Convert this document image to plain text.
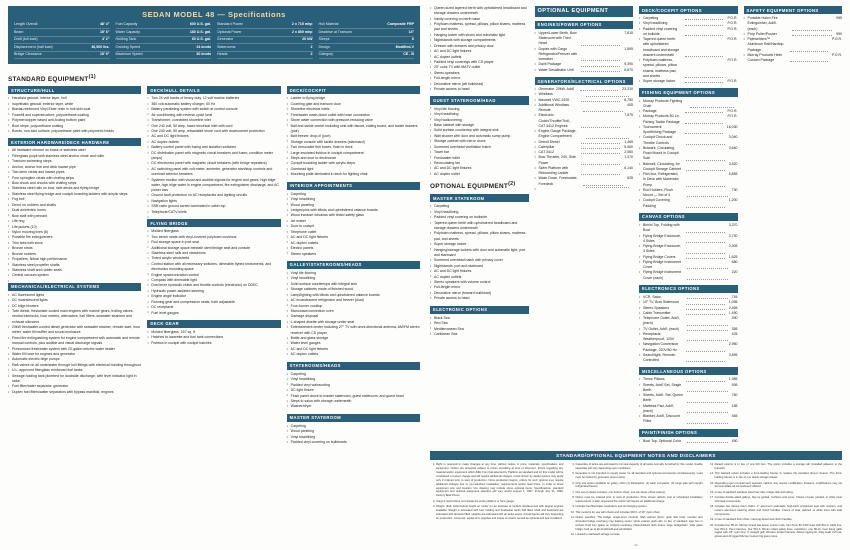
SEDAN MODEL 48 — Specifications
Length Overall	48' 4"
Beam	15' 6"
Draft (full load)	4' 2"
Displacement (half load)	36,500 lbs.
Bridge Clearance	15' 9"
Fuel Capacity	600 U.S. gal.
Water Capacity	180 U.S. gal.
Holding Tank	60 U.S. gal.
Cruising Speed	24 knots
Maximum Speed	30 knots
Standard Power	2 x 715 mhp
Optional Power	2 x 800 mhp
Generator	20 kW
Staterooms	2
Heads	2
Hull Material	Composite FRP
Deadrise at Transom	14°
Sleeps	6
Design	Modified-V
Category	CE - B
STANDARD EQUIPMENT$^{(1)}$
STRUCTURE/HULL
• Handlaid gelcoat, interior layer, hull
• Isophthalic gelcoat, exterior layer, white
• Biaxial-reinforced Vinyl Ester resin in hull skin coat
• Foamfill and superstructure, polyurethane coating
• Polymer/copper based anti-fouling bottom paint
• Boot stripe, polyurethane coating
• Bonds, non-skid surface, polyurethane paint with polymeric beads
EXTERIOR HARDWARE/DECK HARDWARE
• All hardware chrome on brass or stainless steel
• Fiberglass pulpit with stainless steel anchor chute and roller
• Transom swimming steps
• Anchor, anchor line and deck hawse pipe
• Two stern cleats and hawse pipes
• Four springline cleats with chafing strips
• Bow chock and chocks with chafing strips
• Stainless steel rails on bow, side decks and flying bridge
• Stainless steel flying bridge and cockpit boarding ladders with acrylic steps
• Fog bell
• Direct on rudders and shafts
• Dual air/electric horns
• Bow staff with pennant
• Life ring
• Life jackets (10)
• Nylon mooring lines (6)
• Portable fire extinguishers
• Trim tabs with zincs
• Bronze struts
• Bronze rudders
• Propellers, Nibral high performance
• Stainless steel propeller shafts
• Stainless shaft and rudder seals
• Central vacuum system
MECHANICAL/ELECTRICAL SYSTEMS
• AC fluorescent lights
• DC incandescent lights
• DC bilge blowers
• Twin diesel, freshwater-cooled main engines with marine gears, trolling valves, neutral interlocks, hour meters, alternators, fuel filters, seawater strainers and exhaust silencers
• 20kW freshwater-cooled diesel generator with seawater strainer, remote start, hour meter, water fill muffler and sound enclosure
• Fixed fire extinguishing system for engine compartment with automatic and remote manual controls, plus audible and visual discharge signals
• Pressurized freshwater system with 20-gallon electric water heater
• Water fill hose for engines and generator
• Automatic electric bilge pumps
• Raft-valves on all underwater through hull fittings with electrical bonding throughout
• U.L. approved fiberglass reinforced fuel tanks
• Sewage holding tank plumbed for dockside discharge, with level indicator light in salon
• Fuel filter/water separator, generator
• Duplex fuel filters/water separators with bypass manifold, engines
DECK/HULL DETAILS
• Two 24 volt banks of heavy duty, 12 volt marine batteries
• 360 volt automatic battery charger, 60 Hz
• Battery paralleling system with switch at control console
• Air conditioning with reverse-cycle heat
• Transformer, connected shoreline inlet
• One 240 volt, 50 amp, fused electrical inlet with cord
• One 240 volt, 50 amp, retractable shore cord with downcurrent protection
• AC and DC light fixtures
• AC duplex outlets
• Battery control panel with fusing and isolation switches
• DC distribution panel with magnetic circuit breakers and fuses; condition meter (amps)
• DC electronics panel with magnetic circuit breakers (with bridge repeaters)
• AC switching panel with volt meter, ammeter, generator start/stop controls and overload selector breakers
• Systems monitor with visual and audible signals for engine and gears, high bilge water, high bilge water in engine compartment, fire extinguisher discharge, and AC power loss
• Ground fault protection on AC receptacles and lighting circuits
• Navigation lights
• SSB radio ground screen laminated in cabin top
• Telephone/CATV inlets
FLYING BRIDGE
• Molded fiberglass
• Two bench seats with vinyl-covered polyfoam cushions
• Rod storage space in port seat
• Additional storage space beneath stern/bridge seat and console
• Stainless steel rails and stanchions
• Tinted acrylic windshield
• Control station with all necessary switches, dimmable flybed instruments, and electronics mounting space
• Engine synchronization control
• Compass with dimmable light
• Dual lever hydraulic clutch and throttle controls (electronic) on DDEC
• Hydraulic power-assisted steering
• Engine angle indicator
• Running gear and compression seats, both adjustable
• DC receptacle
• Fuel level gauges
DECK GEAR
• Molded fiberglass, 157 sq. ft.
• Hatches to lazarette and fuel tank connections
• Fishbox in cockpit with cockpit hatches
DECK/COCKPIT
• Ladder to flying bridge
• Coaming gate and transom door
• Shoreline electrical inlets
• Freshwater wash-down outlet with hose connection
• Shore water connection with pressure-reducing valve
• Bait and tackle center including sink with faucet, cutting board, and tackle drawers (pair)
• Bait freezer, drop-in (port)
• Storage console with tackle drawers (starboard)
• Two removable fish boxes, flush in deck
• Large insulated fishbox in cockpit compartment
• Steps and door to deckhouse
• Cockpit boarding ladder with acrylic steps
• Overhead light
• Mounting plate laminated in deck for fighting chair
INTERIOR APPOINTMENTS
• Carpeting
• Vinyl headlining
• Wood paneling
• Ledges/pins with blinds and upholstered valance boards
• Wood transom windows with tinted safety glass
• Ice maker
• Door to cockpit
• Telephone outlet
• AC and DC light fixtures
• AC duplex outlets
• Electric panels
• Stereo speakers
GALLEY/STATEROOMS/HEADS
• Vinyl tile flooring
• Vinyl headlining
• Solid surface countertops with integral sink
• Storage cabinets made of finished wood
• Lamp/lighting with blinds and upholstered valance boards
• AC incandescent refrigerator and freezer (dual)
• Four-burner cooktop
• Microwave/convection oven
• Garbage disposal
• L-shaped dinette with storage under seat
• Entertainment center including 27" TV with omni-directional antenna, AM/FM stereo receiver with CD player
• Bottle and glass storage
• Water level gauges
• AC and DC light fixtures
• AC duplex outlets
STATEROOMS/HEADS
• Carpeting
• Vinyl headlining
• Padded vinyl wainscoting
• DC light fixture
• Flush panel doors to master stateroom, guest stateroom, and guest head
• Steps to salon with storage underneath
• Washer/dryer
MASTER STATEROOM
• Carpeting
• Wood paneling
• Vinyl headlining
• Padded vinyl covering on bulkheads
• Queen-sized tapered berth with upholstered headboard and storage drawers underneath
• Vanity covering on berth base
• Polyfoam mattress, spread, pillows, pillow shams, mattress pad and sheets
• Hanging locker with shoes and automatic light
• Nightstands with storage compartments
• Dresser with drawers and privacy door
• AC and DC light fixtures
• AC duplex outlets
• Padded vinyl coverings with CD player
• 20" color TV with MATV outlet
• Stereo speakers
• Full-length mirror
• Decorative mirror (aft bulkhead)
• Private access to head
GUEST STATEROOM/HEAD
• Vinyl tile flooring
• Vinyl headlining
• Vinyl wallcovering
• Base cabinet with storage
• Solid surface countertop with integral sink
• Wall shower with door and automatic sump pump
• Storage cabinet with mirror doors
• Screened overhead ventilation hatch
• Towel bar
• Freshwater toilet
• Recirculating fan
• AC and DC light fixtures
• AC duplex outlet
OPTIONAL EQUIPMENT$^{(2)}$
MASTER STATEROOM
• Carpeting
• Vinyl headlining
• Padded vinyl covering on bulkside
• Tapered queen berth with upholstered headboard and storage drawers underneath
• Polyfoam mattress, spread, pillows, pillow shams, mattress pad, and sheets
• Super storage locker
• Hanging/storage lockers with door and automatic light, port and starboard
• Screened overhead hatch with privacy cover
• Nightstands, port and starboard
• AC and DC light fixtures
• AC duplex outlets
• Stereo speakers with volume control
• Full-length mirror
• Decorative mirror (forward bulkhead)
• Private access to head
ELECTRONIC OPTIONS
• Black Sea
• Red Sea
• Mediterranean Sea
• Caribbean Sea
OPTIONAL EQUIPMENT
ENGINES/POWER OPTIONS
• Upper/Lower Berth, Bow Stateroom with Third Head
7,815
• Duplex with Cargo Refrigerator/Freezer with Icemaker
1,895
• Davit Package	9,390
• Water Desalinator Unit	6,870
GENERATORS/ELECTRICAL OPTIONS
• Generator, 20kW, Add'l	23,310
• Windlass
• Maxwell VWC-2200	8,750
• Additional Windlass Remote
405
• Electronic Clutch/Throttle/Troll, CAT 3412 Engines
7,875
• Engine Gauge Package, Engine Compartment
• Detroit Diesel	1,465
• Caterpillar	5,060
• CAT 3412	2,060
• Bow Thruster, 24V, Side Power
1,370
• Swim Platform with Reboarding Ladder
6,140
• Wash Down, Freshwater, Foredeck
625
•
DECK/COCKPIT OPTIONS
• Carpeting	P.O.R.
• Vinyl headlining	P.O.R.
• Padded vinyl covering on bullside
P.O.R.
• Tapered queen berth with upholstered headboard and storage drawers underneath
P.O.R.
• Polyfoam mattress, spread, pillows, pillow shams, mattress pad, and sheets
P.O.R.
• Super storage locker	P.O.R.
FISHING EQUIPMENT OPTIONS
• Murray Products Fighting Chair
• Package	P.O.R.
• Murray Products 80-Lb. Fishing Tackle Package
P.O.R.
• Tournament Sportfishing Package
16,030
• Cockpit Chock and Throttle Controls
3,040
• Bulwark, Circulating, Flush Mount in Cockpit Sole
3,640
• Bairwell, Circulating, for Cockpit Storage Cabinet
3,520
• Fish box, Refrigerated, In Deck with Macerator Pump
5,855
• Rod Holders, Flush Mount — Set of 4
730
• Cockpit Covering Padding
1,200
CANVAS OPTIONS
• Bimini Top, Folding with Boot
3,370
• Flying Bridge Enclosure, 4 Sides
3,730
• Flying Bridge Enclosure, 3 Sides
3,305
• Flying Bridge Covers	1,625
• Flying Bridge Instrument Cover
680
• Flying Bridge Instrument Cover (each)
220
ELECTRONICS OPTIONS
• VCR, Salon	745
• 19" TV, Bow Stateroom	1,055
• Stereo Speakers	2,465
• Cabin Transmitter	1,490
• Telephone Outlet, Add'l, (each)
390
• TV Outlet, Add'l, (each)	355
• Receptacle, Weatherproof, 120V
425
• Navigation Conversion Package, 220V/50 Hz
2,950
• Searchlight, Remote-Controlled
3,895
MISCELLANEOUS OPTIONS
• Throw Pillows	1,985
• Sheets, Add'l Set, Single Berth
595
• Sheets, Add'l. Set, Queen Berth
760
• Mattress Pad, Add'l, (each)
185
• Blanket, Add'l, Discount Filled
465
PAINT/FINISH OPTIONS
• Boot Top, Optional Color	450
SAFETY EQUIPMENT OPTIONS
• Portable Halon Fire Extinguisher, Add'l. (each)
955
• Prop Puller/Pusher	950
• Pipewelders™ Aluminum Rail/Hardtop Package
P.O.R.
• Murray Products Helm Custom Package
P.O.R.
STANDARD/OPTIONAL EQUIPMENT NOTES AND DISCLAIMERS
1. Right is reserved to make changes at any time, without notice, in price, materials, specifications and equipment. Orders are accepted subject to prices prevailing at time of shipment. Prices regarding any material and/or equipment which differ from that selected by Platform as standard and for this model will be considered a custom change and will require additional charges. Costs shown by dealer options may apply only if ordered prior to start of production. Once production begins, orders for such options may require additional charges due to non-standard installation; requirements and/or lead times. In order to show equipment size and location, line drawing may include some optional items. Specifications, standard equipment and optional equipment selection will vary and/or August 1, 1997, through July 31, 1998, Factory Boat Prices.
2. Cargo's record does not include the entire platform or hour gauge.
3. Weight, draft, bottoms/fuel height on 'tanks' (or an estimate of model's displacement with largest engines available. Weight is estimated with fuel, holding and freshwater tanks half filled. Draft and freeboard are estimated with all tanks filled. Heights are estimated with air tanks empty. Actual figures will vary depending on production, consumer, equipment, supplies and stores on board, as well as optional and sea conditions
4. Capacities of tanks are estimated to be total capacity of all tanks normally furnished by this model. Usable capacities will vary depending upon conditions.
5. Generator is not intended to supply power for all standard and optional accessories simultaneously. Load must be limited by generator output rating.
6. Only one option available on galley; other (1) dishwasher, (2) trash compactor, (3) cargo plan with upright refrigerator/freezer.
7. One set of sheets includes: one bottom sheet, one top sheet, pillow case(s).
8. Option must be ordered prior to start of production. Price shown reflects cost of scheduled installation requirements. A later-requested this option will require an additional charge.
9. Includes fuel filter/water separators and oil changing system.
10. This model is for use with charts and includes 300 ft. of 16" nylon chain.
11. Option specifics: The bridge, single-lever controls. Slab cabinet doors; grab rails hoist; rounder and shrouded bridge overhang may leaking cooler; white exterior grab rails. In lieu of standard: step box in cockpit; flush box (glass on cockpit) overhang; black-finished dock hoses; large bridge/helm; wide glass bridge; built up of aft windshield and windshield.
12. Located in starboard storage console.
13. Raised options is in lieu of one fish box. The option includes a storage tub (installed adjacent to the bairwell).
14. This bairwell option includes a front-loading freezer to replace the standard drop-in freezer. The front-loading freezer is in lieu of one tackle storage drawer.
15. Depending upon compartment selected, cabinet may require modification. Drawers, modifications may not accommodate all compartment offered.
16. In lieu of standard stainless steel bow rails, bridge rails and railing.
17. Includes double-sided galleys, flap up gimbal, cushions and cover. Choice of teak, painted, or white inset with teak components.
18. Includes two deluxe helm chairs, 4" aluminum pedestals, high-back sculptured seat with cushion, and custom aluminum steering wheel and clutch handles. Choice of teak, painted, or white inset with teak components.
19. In lieu of standard helm chair, manning wheel and clutch handles.
20. Includes four 80-Lb. Murray Grand Isle fusion custom rods, four Penn 80 STW reels with 80-Lb. Adde line, four 80-Lb. Penn harness, four 80-Lb. Bimini coiled safety lines, overblown, one 80-Lb. heel lining gaffs rigged with 1/4" nylon line, 4" straight gaff, Wrecker bucket harness, deluxe rigging kit, drag scale, fish bat, gloves and 22 rigged Murray Custom big game lures.
23
